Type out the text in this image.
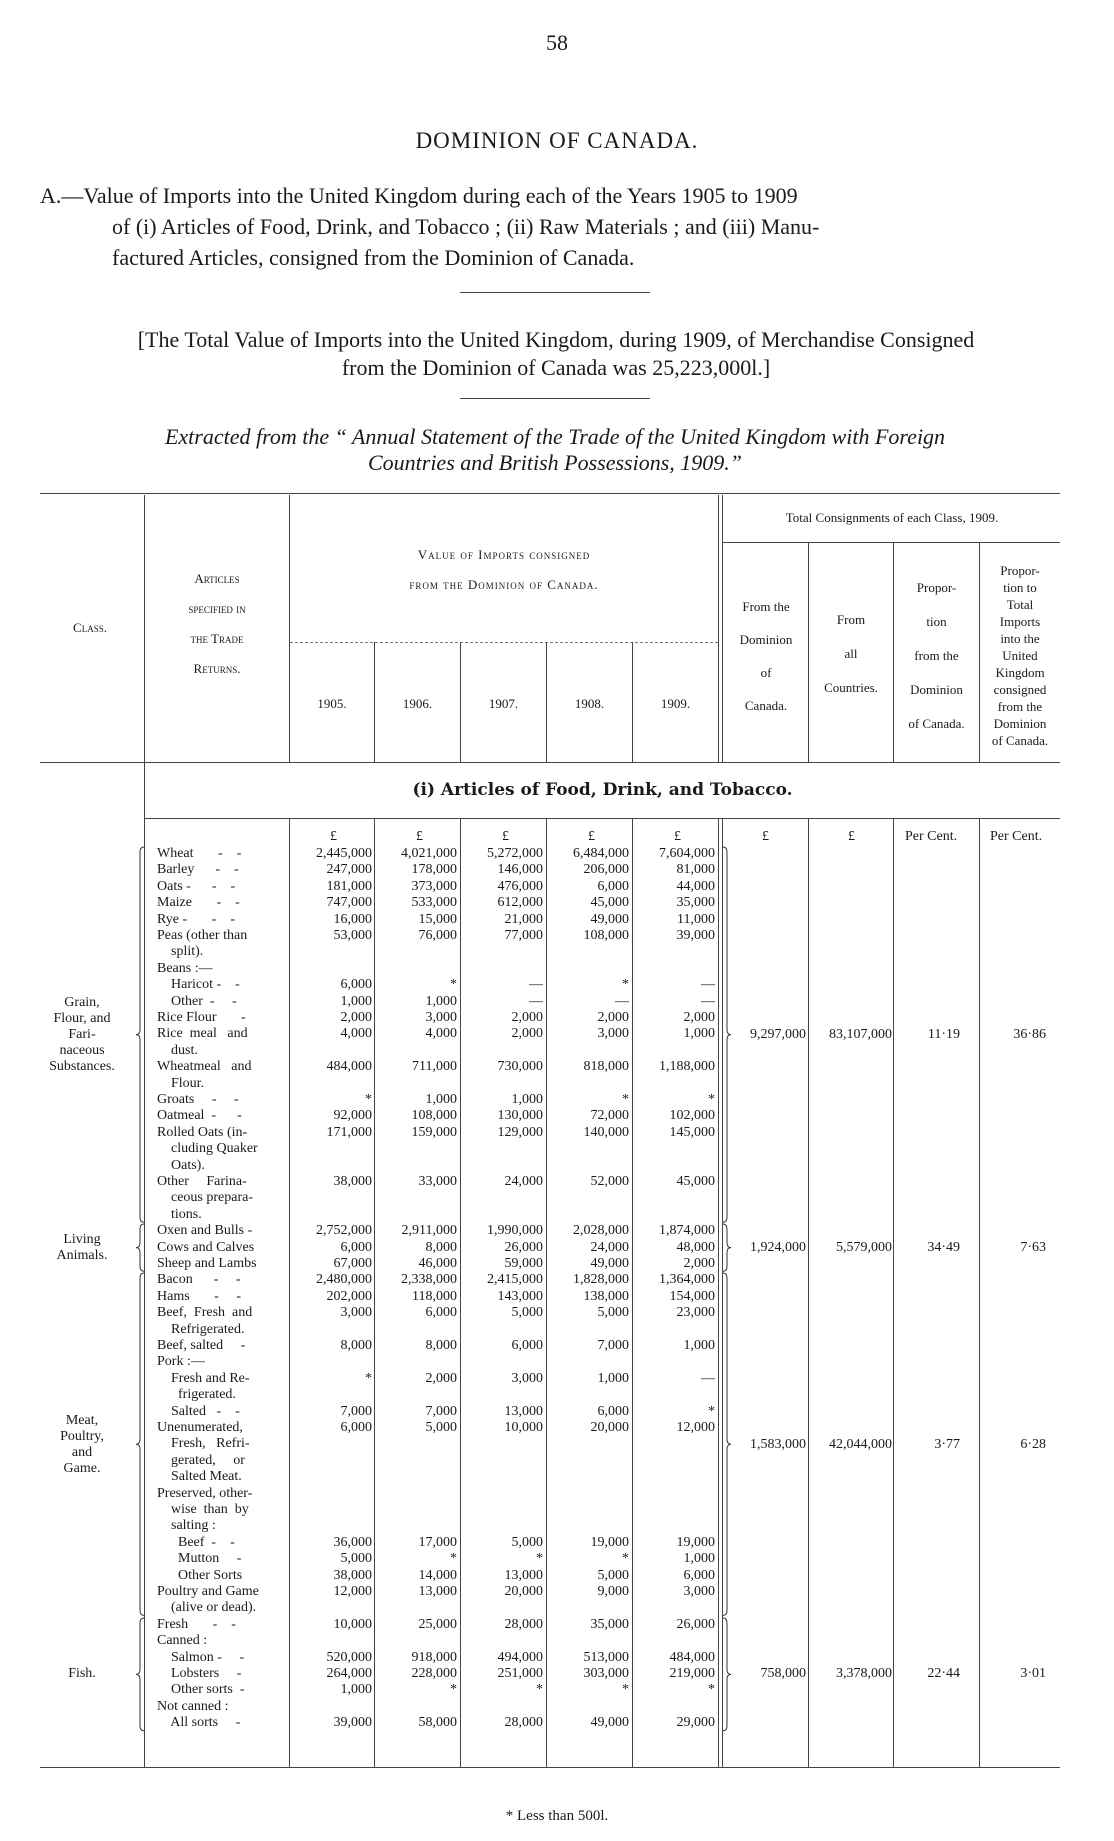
58
DOMINION OF CANADA.
A.—Value of Imports into the United Kingdom during each of the Years 1905 to 1909
of (i) Articles of Food, Drink, and Tobacco ; (ii) Raw Materials ; and (iii) Manu-
factured Articles, consigned from the Dominion of Canada.
[The Total Value of Imports into the United Kingdom, during 1909, of Merchandise Consigned
from the Dominion of Canada was 25,223,000l.]
Extracted from the “ Annual Statement of the Trade of the United Kingdom with Foreign
Countries and British Possessions, 1909.”
Class.
Articles
specified in
the Trade
Returns.
Value of Imports consigned
from the Dominion of Canada.
1905.	1906.	1907.	1908.	1909.
Total Consignments of each Class, 1909.
From the
Dominion
of
Canada.
From
all
Countries.
Propor-
tion
from the
Dominion
of Canada.
Propor-
tion to
Total
Imports
into the
United
Kingdom
consigned
from the
Dominion
of Canada.
(i) Articles of Food, Drink, and Tobacco.
£	£	£	£	£	£	£	Per Cent. Per Cent.
Wheat       -    -	2,445,000 4,021,000 5,272,000 6,484,000 7,604,000
Barley      -    -	247,000	178,000	146,000	206,000	81,000
Oats -      -    -	181,000	373,000	476,000	6,000	44,000
Maize       -    -	747,000	533,000	612,000	45,000	35,000
Rye -       -    -	16,000	15,000	21,000	49,000	11,000
Peas (other than	53,000	76,000	77,000	108,000	39,000
split).
Beans :—
Haricot -    -	6,000	*	—	*	—
Other  -     -	1,000	1,000	—	—	—
Rice Flour       -	2,000	3,000	2,000	2,000	2,000
Rice  meal   and	4,000	4,000	2,000	3,000	1,000
dust.
Wheatmeal   and	484,000	711,000	730,000	818,000 1,188,000
Flour.
Groats     -     -	*	1,000	1,000	*	*
Oatmeal  -      -	92,000	108,000	130,000	72,000	102,000
Rolled Oats (in-	171,000	159,000	129,000	140,000	145,000
cluding Quaker
Oats).
Other     Farina-	38,000	33,000	24,000	52,000	45,000
ceous prepara-
tions.
Oxen and Bulls -	2,752,000 2,911,000 1,990,000 2,028,000 1,874,000
Cows and Calves	6,000	8,000	26,000	24,000	48,000
Sheep and Lambs	67,000	46,000	59,000	49,000	2,000
Bacon      -     -	2,480,000 2,338,000 2,415,000 1,828,000 1,364,000
Hams       -     -	202,000	118,000	143,000	138,000	154,000
Beef,  Fresh  and	3,000	6,000	5,000	5,000	23,000
Refrigerated.
Beef, salted     -	8,000	8,000	6,000	7,000	1,000
Pork :—
Fresh and Re-	*	2,000	3,000	1,000	—
frigerated.
Salted   -    -	7,000	7,000	13,000	6,000	*
Unenumerated,	6,000	5,000	10,000	20,000	12,000
Fresh,   Refri-
gerated,     or
Salted Meat.
Preserved, other-
wise  than  by
salting :
Beef  -    -	36,000	17,000	5,000	19,000	19,000
Mutton     -	5,000	*	*	*	1,000
Other Sorts	38,000	14,000	13,000	5,000	6,000
Poultry and Game	12,000	13,000	20,000	9,000	3,000
(alive or dead).
Fresh       -    -	10,000	25,000	28,000	35,000	26,000
Canned :
Salmon -     -	520,000	918,000	494,000	513,000	484,000
Lobsters     -	264,000	228,000	251,000	303,000	219,000
Other sorts  -	1,000	*	*	*	*
Not canned :
All sorts     -	39,000	58,000	28,000	49,000	29,000
Grain,
Flour, and
Fari-
naceous
Substances.
9,297,000 83,107,000	11·19	36·86
Living
Animals.
1,924,000 5,579,000	34·49	7·63
Meat,
Poultry,
and
Game.
1,583,000 42,044,000	3·77	6·28
Fish.	758,000 3,378,000	22·44	3·01
* Less than 500l.
